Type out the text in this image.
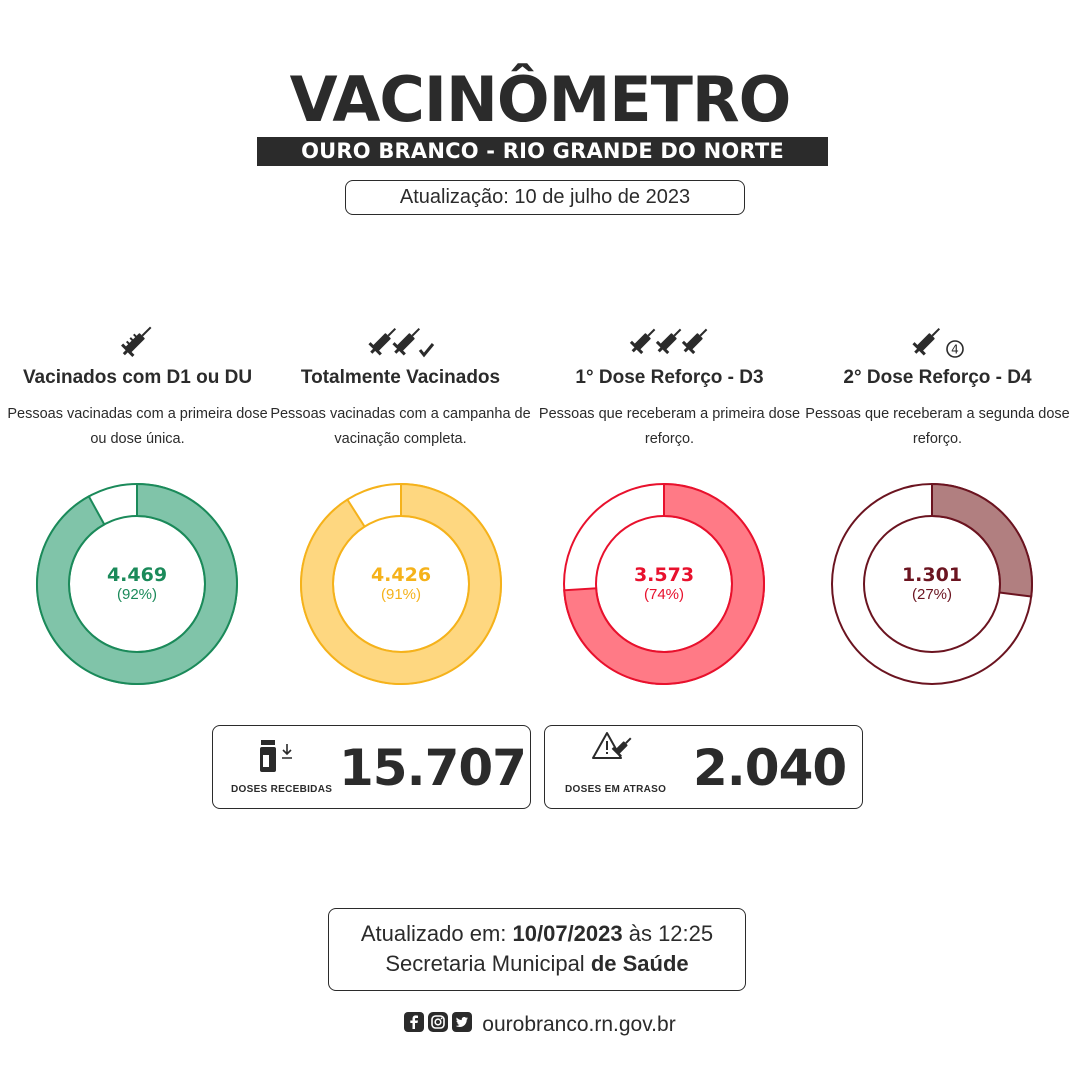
VACINÔMETRO
OURO BRANCO - RIO GRANDE DO NORTE
Atualização: 10 de julho de 2023
Vacinados com D1 ou DU

Pessoas vacinadas com a primeira dose ou dose única.

Totalmente Vacinados

Pessoas vacinadas com a campanha de vacinação completa.

1° Dose Reforço - D3

Pessoas que receberam a primeira dose reforço.

4
2° Dose Reforço - D4

Pessoas que receberam a segunda dose reforço.

4.469
(92%)
4.426
(91%)
3.573
(74%)
1.301
(27%)
DOSES RECEBIDAS 15.707	DOSES EM ATRASO 2.040
Atualizado em: 10/07/2023 às 12:25
Secretaria Municipal de Saúde
ourobranco.rn.gov.br
